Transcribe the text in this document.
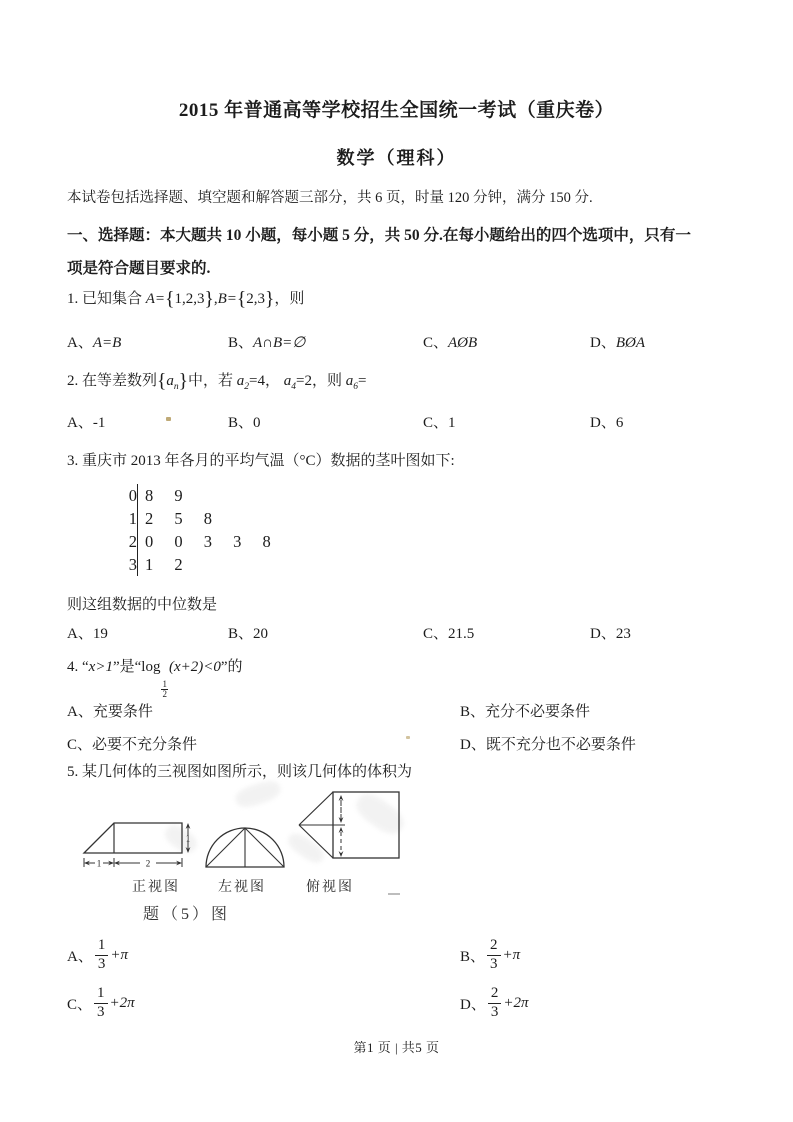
2015 年普通高等学校招生全国统一考试（重庆卷）
数学（理科）
本试卷包括选择题、填空题和解答题三部分，共 6 页，时量 120 分钟，满分 150 分.
一、选择题：本大题共 10 小题，每小题 5 分，共 50 分.在每小题给出的四个选项中，只有一
项是符合题目要求的.
1. 已知集合 A={1,2,3},B={2,3}，则
A、A=B	B、A∩B=∅	C、AØB	D、BØA
2. 在等差数列$\{a_n\}$中，若 $a_2=4$， $a_4=2$，则 $a_6=$
A、-1	B、0	C、1	D、6
3. 重庆市 2013 年各月的平均气温（°C）数据的茎叶图如下:
0 8 9
1 2 5 8
2 0 0 3 3 8
3 1 2
则这组数据的中位数是
A、19	B、20	C、21.5	D、23
4. “x>1”是“log
$\frac{1}{2}$
(x+2)<0”的
A、充要条件	B、充分不必要条件
C、必要不充分条件	D、既不充分也不必要条件
5. 某几何体的三视图如图所示，则该几何体的体积为
1	2
1
正视图	左视图	俯视图
题（5）图
A、 $\frac{1}{3} +\pi$	B、 $\frac{2}{3} +\pi$
C、 $\frac{1}{3} +2\pi$	D、 $\frac{2}{3} +2\pi$
第1 页 | 共5 页
